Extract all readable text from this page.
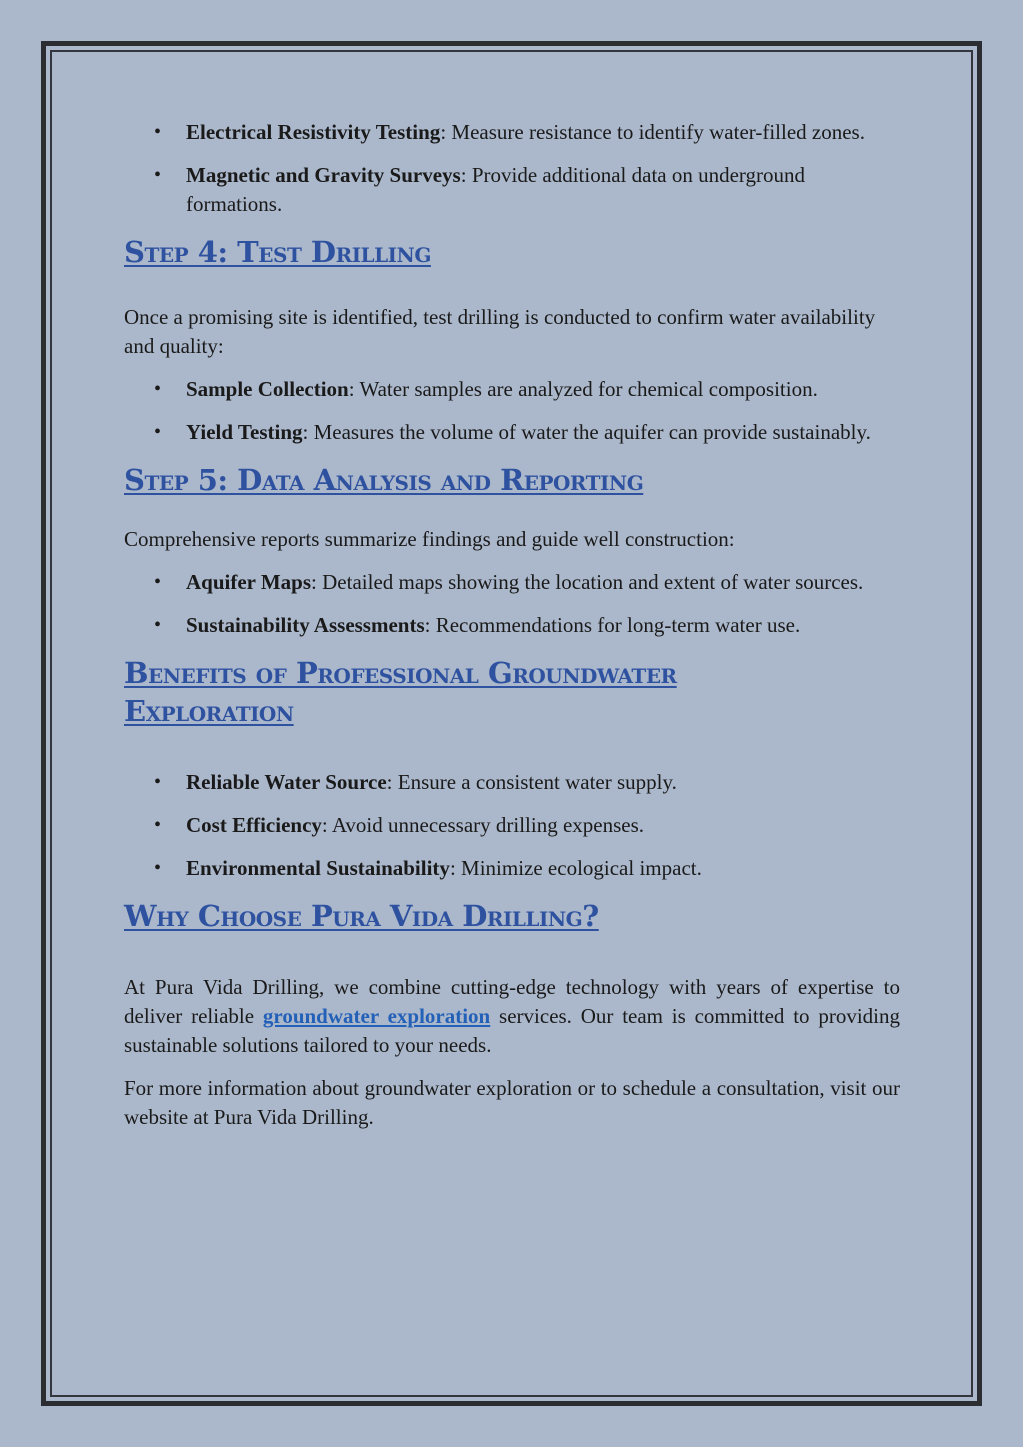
• Electrical Resistivity Testing: Measure resistance to identify water-filled zones.
• Magnetic and Gravity Surveys: Provide additional data on underground formations.
Step 4: Test Drilling

Once a promising site is identified, test drilling is conducted to confirm water availability and quality:

• Sample Collection: Water samples are analyzed for chemical composition.
• Yield Testing: Measures the volume of water the aquifer can provide sustainably.
Step 5: Data Analysis and Reporting

Comprehensive reports summarize findings and guide well construction:

• Aquifer Maps: Detailed maps showing the location and extent of water sources.
• Sustainability Assessments: Recommendations for long-term water use.
Benefits of Professional Groundwater Exploration
• Reliable Water Source: Ensure a consistent water supply.
• Cost Efficiency: Avoid unnecessary drilling expenses.
• Environmental Sustainability: Minimize ecological impact.
Why Choose Pura Vida Drilling?

At Pura Vida Drilling, we combine cutting-edge technology with years of expertise to deliver reliable groundwater exploration services. Our team is committed to providing sustainable solutions tailored to your needs.

For more information about groundwater exploration or to schedule a consultation, visit our website at Pura Vida Drilling.
